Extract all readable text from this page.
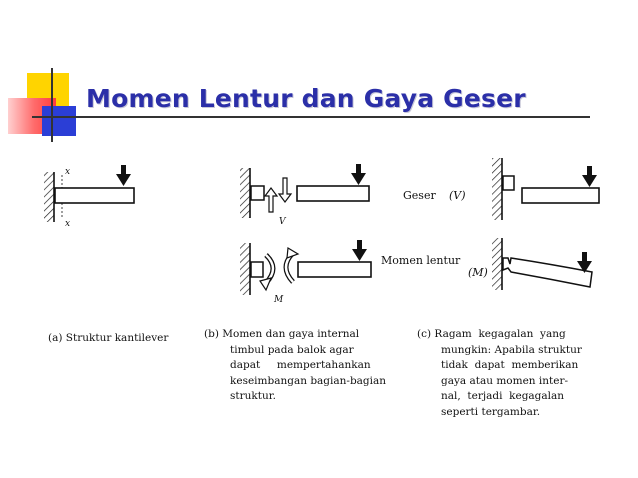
Momen Lentur dan Gaya Geser
x
x	V
M
Geser (V)
Momen lentur
(M)

(a) Struktur kantilever	(b) Momen dan gaya internal
timbul pada balok agar
dapat     mempertahankan
keseimbangan bagian-bagian
struktur.

(c) Ragam  kegagalan  yang
mungkin: Apabila struktur
tidak  dapat  memberikan
gaya atau momen inter-
nal,  terjadi  kegagalan
seperti tergambar.
